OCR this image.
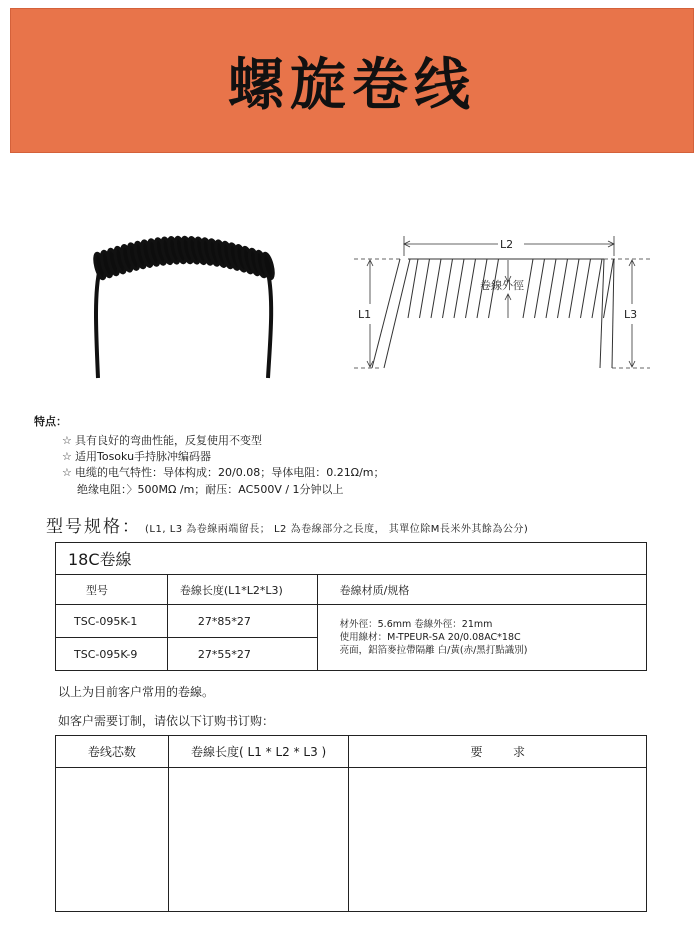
螺旋卷线
卷線外徑
L2
L1	L3
特点：
☆ 具有良好的弯曲性能，反复使用不变型
☆ 适用Tosoku手持脉冲编码器
☆ 电缆的电气特性：导体构成：20/0.08；导体电阻：0.21Ω/m；
绝缘电阻：〉500MΩ /m；耐压：AC500V / 1分钟以上
型号规格： (L1, L3 為卷線兩端留長； L2 為卷線部分之長度， 其單位除M長米外其餘為公分)
18C卷線		
型号	卷線长度(L1*L2*L3)	卷線材质/规格
TSC-095K-1	27*85*27	材外徑：5.6mm 卷線外徑：21mm
使用線材：M-TPEUR-SA 20/0.08AC*18C
亮面，鋁箔麥拉帶隔離 白/黃(赤/黑打點識別)

TSC-095K-9	27*55*27	
以上为目前客户常用的卷線。
如客户需要订制，请依以下订购书订购：
卷线芯数	卷線长度( L1 * L2 * L3 )	要        求
